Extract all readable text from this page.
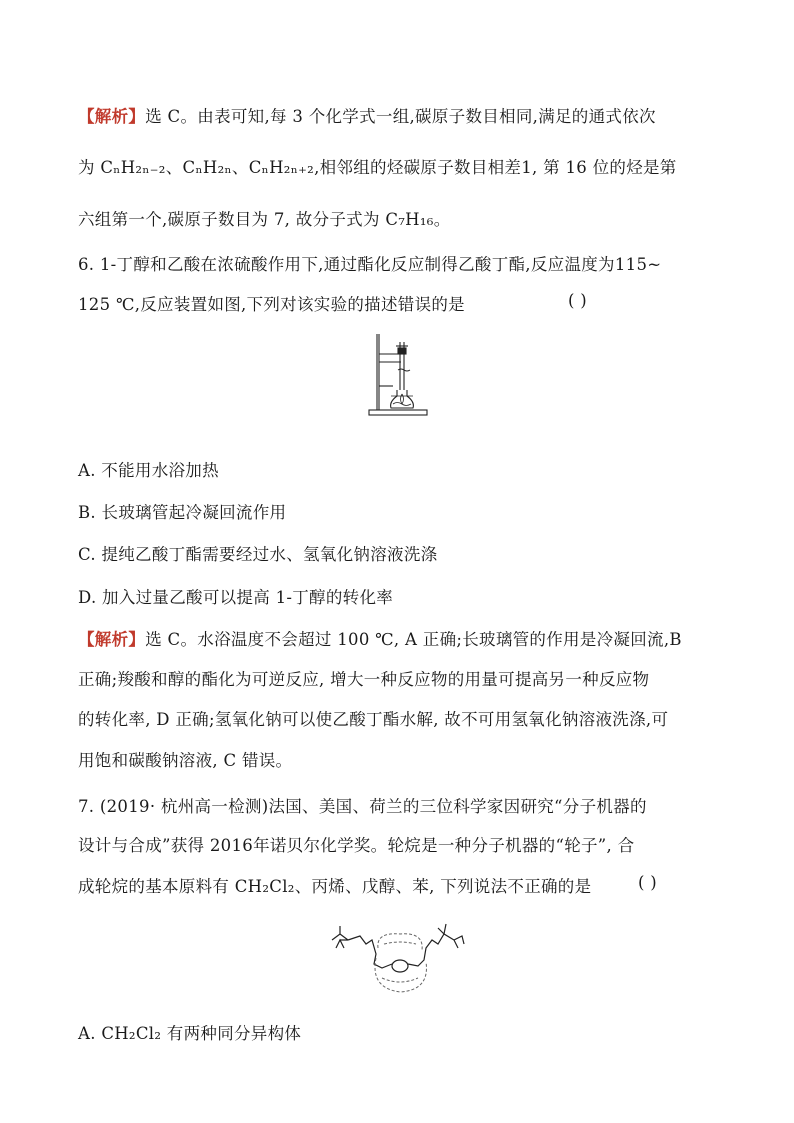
【解析】选 C。由表可知,每 3 个化学式一组,碳原子数目相同,满足的通式依次
为 CₙH₂ₙ₋₂、CₙH₂ₙ、CₙH₂ₙ₊₂,相邻组的烃碳原子数目相差1, 第 16 位的烃是第
六组第一个,碳原子数目为 7, 故分子式为 C₇H₁₆。
6. 1-丁醇和乙酸在浓硫酸作用下,通过酯化反应制得乙酸丁酯,反应温度为115~
125 ℃,反应装置如图,下列对该实验的描述错误的是	( )
A. 不能用水浴加热
B. 长玻璃管起冷凝回流作用
C. 提纯乙酸丁酯需要经过水、氢氧化钠溶液洗涤
D. 加入过量乙酸可以提高 1-丁醇的转化率
【解析】选 C。水浴温度不会超过 100 ℃, A 正确;长玻璃管的作用是冷凝回流,B
正确;羧酸和醇的酯化为可逆反应, 增大一种反应物的用量可提高另一种反应物
的转化率, D 正确;氢氧化钠可以使乙酸丁酯水解, 故不可用氢氧化钠溶液洗涤,可
用饱和碳酸钠溶液, C 错误。
7. (2019· 杭州高一检测)法国、美国、荷兰的三位科学家因研究“分子机器的
设计与合成”获得 2016年诺贝尔化学奖。轮烷是一种分子机器的“轮子”, 合
成轮烷的基本原料有 CH₂Cl₂、丙烯、戊醇、苯, 下列说法不正确的是	( )
A. CH₂Cl₂ 有两种同分异构体
